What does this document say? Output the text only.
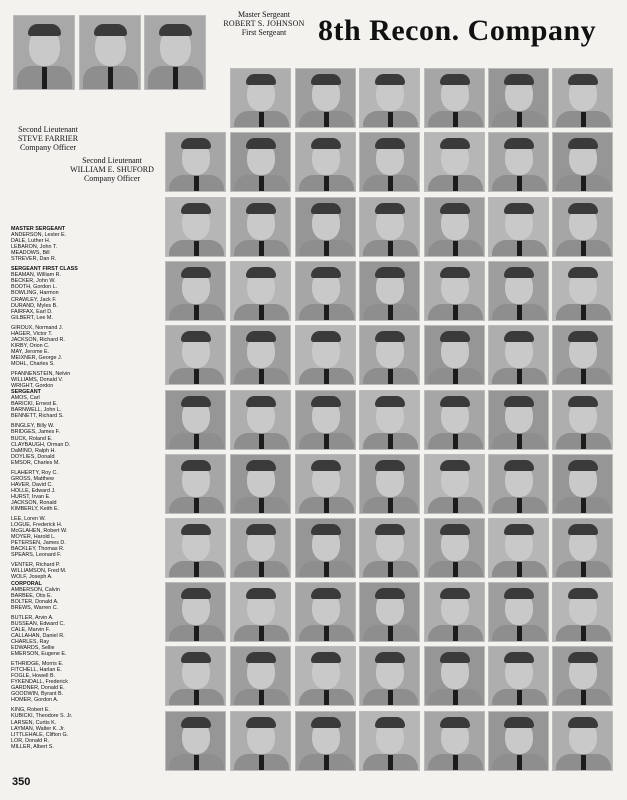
8th Recon. Company
Master Sergeant
ROBERT S. JOHNSON
First Sergeant
Second Lieutenant
STEVE FARRIER
Company Officer
Second Lieutenant
WILLIAM E. SHUFORD
Company Officer
MASTER SERGEANT
ANDERSON, Lester E.
DALE, Luther H.
LEBARON, John T.
MEADOWS, Bill
STREVER, Dan R.
SERGEANT FIRST CLASS
BEAMAN, William R.
BECKER, John W.
BOOTH, Gordon L.
BOWLING, Harmon
CRAWLEY, Jack F.
DURAND, Myles B.
FAIRFAX, Earl D.
GILBERT, Lee M.
GIROUX, Normand J.
HAGER, Victor T.
JACKSON, Richard R.
KIRBY, Orion C.
MAY, Jerome E.
MEIXNER, George J.
MOHL, Charles S.
PFANNENSTEIN, Nelvin
WILLIAMS, Donald V.
WRIGHT, Gordon
SERGEANT
AMOS, Carl
BARICKI, Ernest E.
BARNWELL, John L.
BENNETT, Richard S.
BINGLEY, Billy W.
BRIDGES, James F.
BUCK, Roland E.
CLAYBAUGH, Orman D.
DaMINO, Ralph H.
DOYLIES, Donald
EMSOR, Charles M.
FLAHERTY, Roy C.
GROSS, Matthew
HAVER, David C.
HOLLE, Edward J.
HURST, Irvan E.
JACKSON, Ronald
KIMBERLY, Keith E.
LEE, Loren W.
LOGUE, Frederick H.
McGLAHEN, Robert W.
MOYER, Harold L.
PETERSEN, James D.
BACKLEY, Thomas R.
SPEARS, Leonard F.
VENTER, Richard P.
WILLIAMSON, Fred M.
WOLF, Joseph A.
CORPORAL
AMBERSON, Calvin
BARBEE, Otis E.
BOLTER, Donald A.
BREWS, Warren C.
BUTLER, Arvin A.
BUSSEAN, Edward C.
CALE, Marvin F.
CALLAHAN, Daniel R.
CHARLES, Ray
EDWARDS, Sellie
EMERSON, Eugene E.
ETHRIDGE, Morris E.
FITCHELL, Harlan E.
FOGLE, Howell B.
FYKENDALL, Frederick
GARDNER, Donald E.
GOODWIN, Byrant B.
HOMER, Gordon A.
KING, Robert E.
KUBICKI, Theodore S. Jr.
LARSEN, Curtis K.
LAYMAN, Walter K. Jr.
LITTLEHALE, Clifton G.
LOR, Donald R.
MILLER, Albert S.
350
